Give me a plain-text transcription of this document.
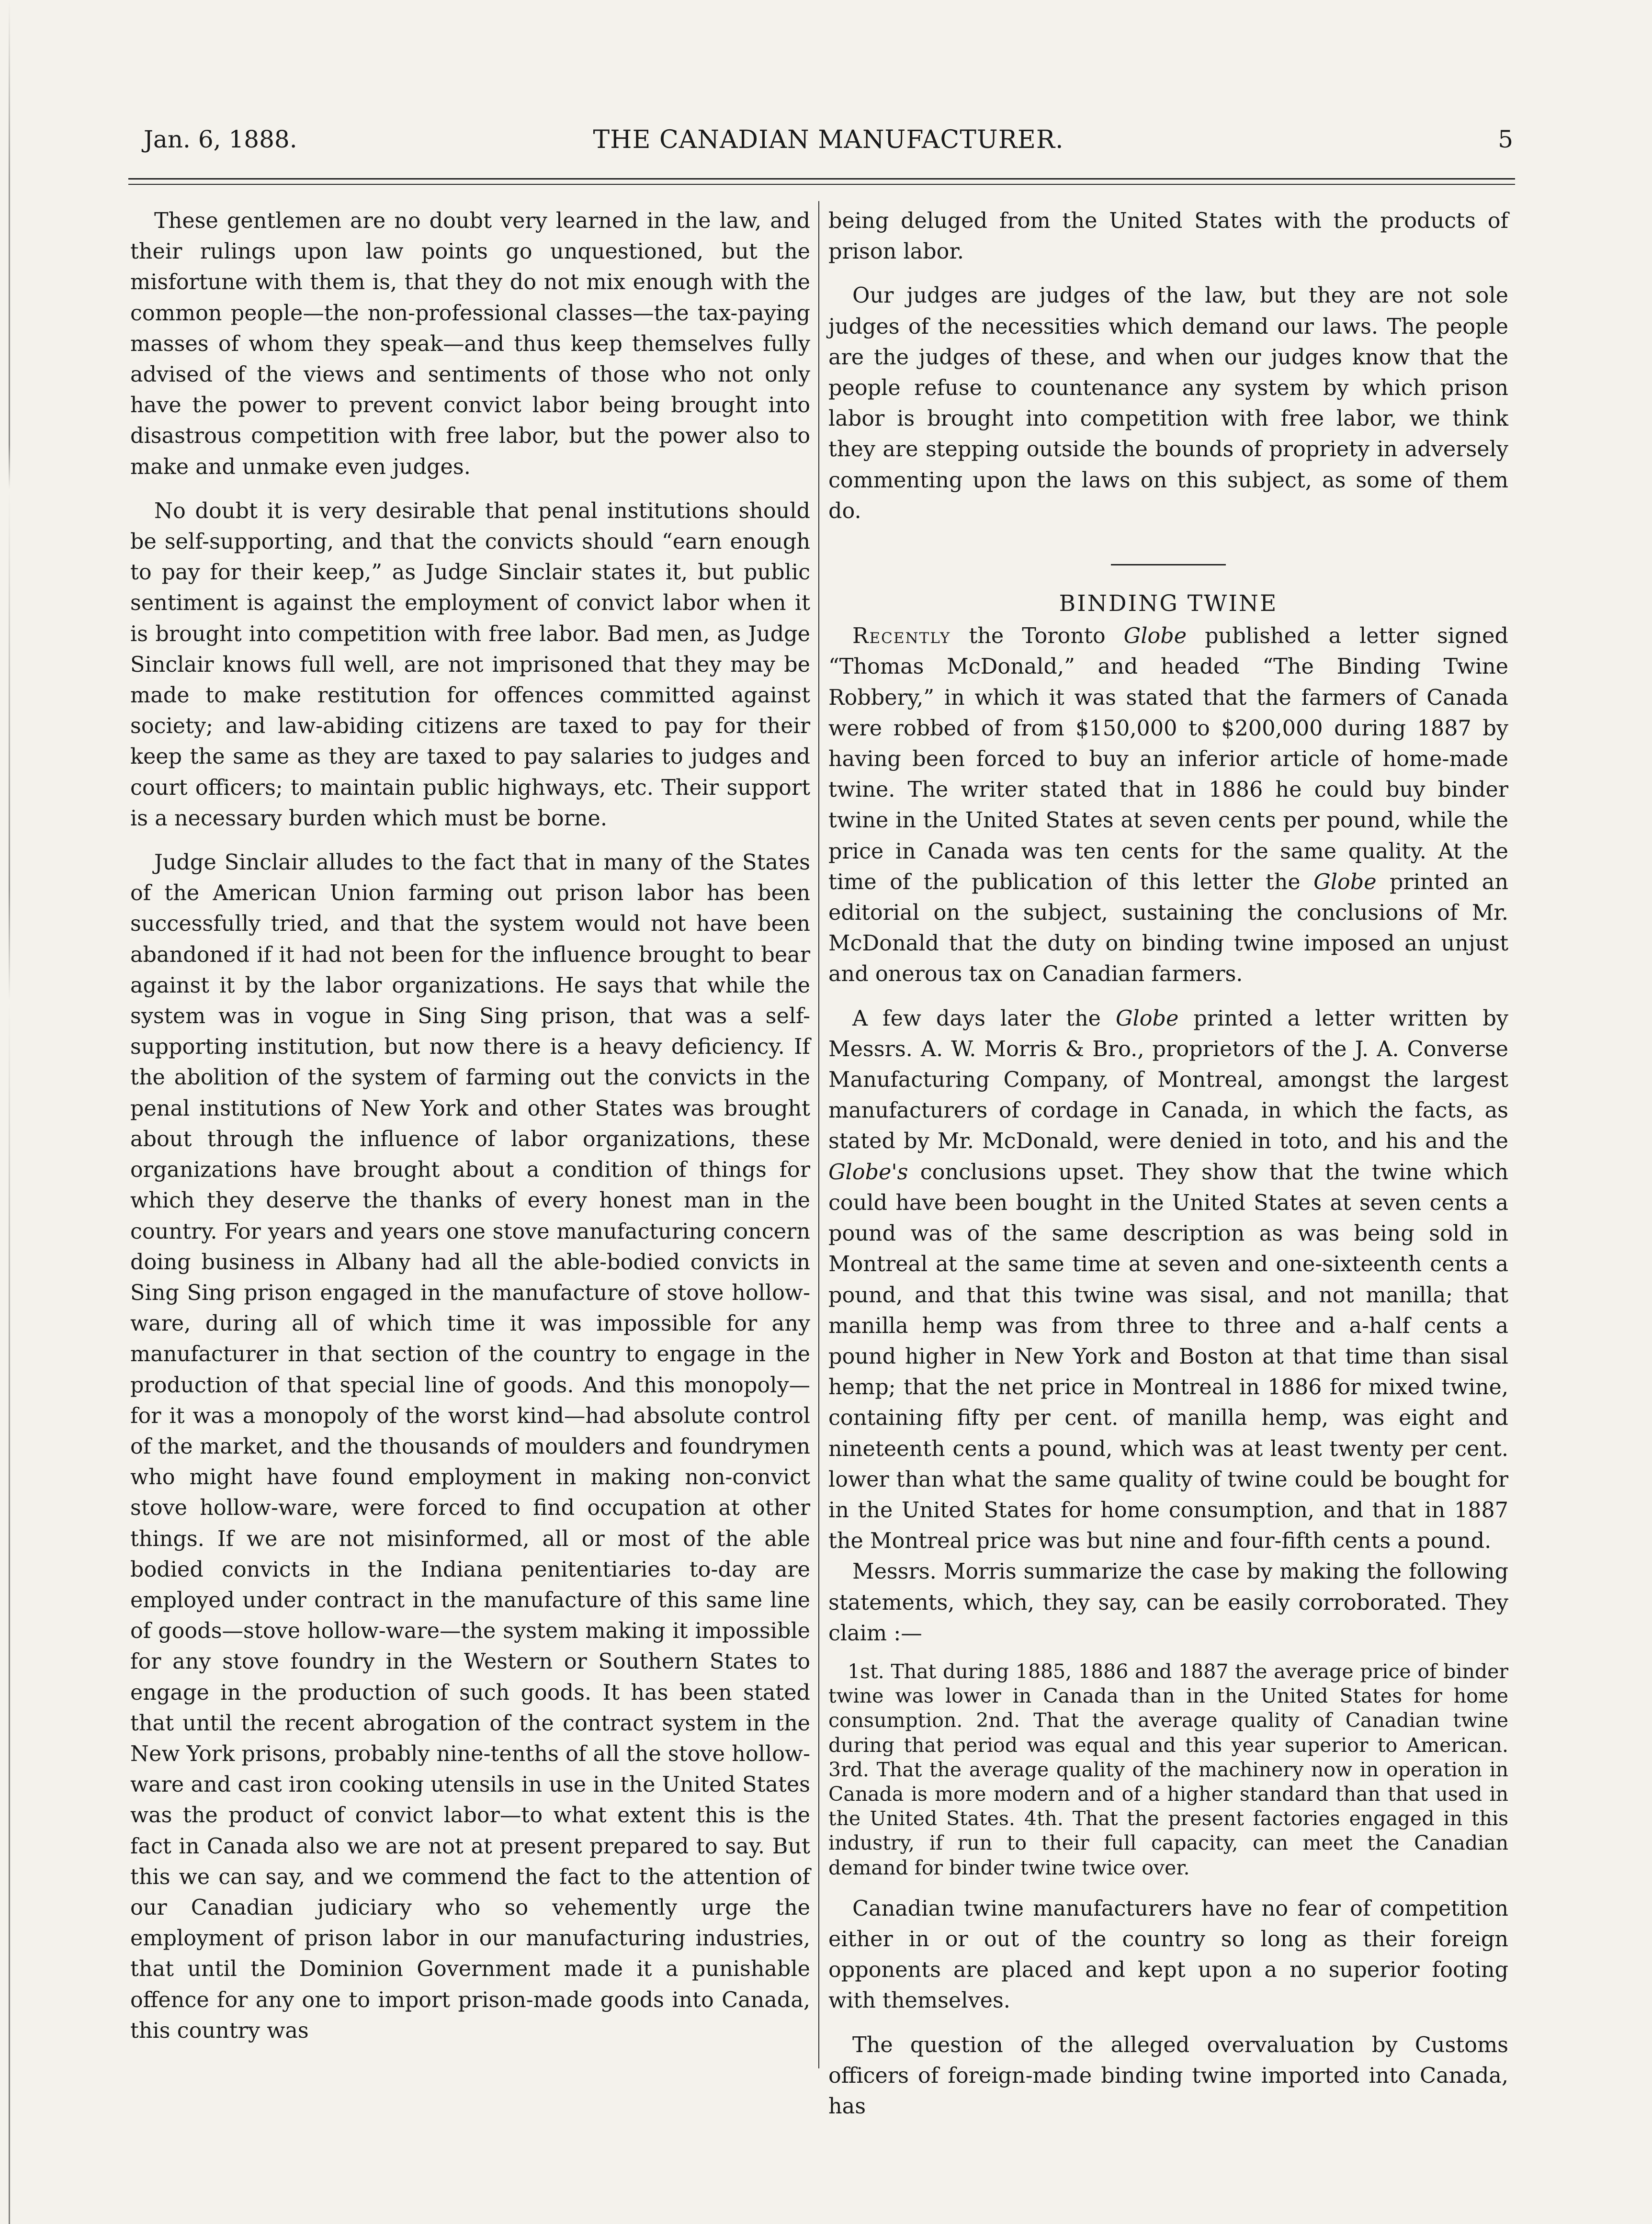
Jan. 6, 1888.	THE CANADIAN MANUFACTURER.	5

These gentlemen are no doubt very learned in the law, and their rulings upon law points go unquestioned, but the misfortune with them is, that they do not mix enough with the common people—the non-professional classes—the tax-paying masses of whom they speak—and thus keep themselves fully advised of the views and sentiments of those who not only have the power to prevent convict labor being brought into disastrous competition with free labor, but the power also to make and unmake even judges.

No doubt it is very desirable that penal institutions should be self-supporting, and that the convicts should “earn enough to pay for their keep,” as Judge Sinclair states it, but public sentiment is against the employment of convict labor when it is brought into competition with free labor. Bad men, as Judge Sinclair knows full well, are not imprisoned that they may be made to make restitution for offences committed against society; and law-abiding citizens are taxed to pay for their keep the same as they are taxed to pay salaries to judges and court officers; to maintain public highways, etc. Their support is a necessary burden which must be borne.

Judge Sinclair alludes to the fact that in many of the States of the American Union farming out prison labor has been successfully tried, and that the system would not have been abandoned if it had not been for the influence brought to bear against it by the labor organizations. He says that while the system was in vogue in Sing Sing prison, that was a self-supporting institution, but now there is a heavy deficiency. If the abolition of the system of farming out the convicts in the penal institutions of New York and other States was brought about through the influence of labor organizations, these organizations have brought about a condition of things for which they deserve the thanks of every honest man in the country. For years and years one stove manufacturing concern doing business in Albany had all the able-bodied convicts in Sing Sing prison engaged in the manufacture of stove hollow-ware, during all of which time it was impossible for any manufacturer in that section of the country to engage in the production of that special line of goods. And this monopoly—for it was a monopoly of the worst kind—had absolute control of the market, and the thousands of moulders and foundrymen who might have found employment in making non-convict stove hollow-ware, were forced to find occupation at other things. If we are not misinformed, all or most of the able bodied convicts in the Indiana penitentiaries to-day are employed under contract in the manufacture of this same line of goods—stove hollow-ware—the system making it impossible for any stove foundry in the Western or Southern States to engage in the production of such goods. It has been stated that until the recent abrogation of the contract system in the New York prisons, probably nine-tenths of all the stove hollow-ware and cast iron cooking utensils in use in the United States was the product of convict labor—to what extent this is the fact in Canada also we are not at present prepared to say. But this we can say, and we commend the fact to the attention of our Canadian judiciary who so vehemently urge the employment of prison labor in our manufacturing industries, that until the Dominion Government made it a punishable offence for any one to import prison-made goods into Canada, this country was

being deluged from the United States with the products of prison labor.

Our judges are judges of the law, but they are not sole judges of the necessities which demand our laws. The people are the judges of these, and when our judges know that the people refuse to countenance any system by which prison labor is brought into competition with free labor, we think they are stepping outside the bounds of propriety in adversely commenting upon the laws on this subject, as some of them do.

BINDING TWINE

Recently the Toronto Globe published a letter signed “Thomas McDonald,” and headed “The Binding Twine Robbery,” in which it was stated that the farmers of Canada were robbed of from $150,000 to $200,000 during 1887 by having been forced to buy an inferior article of home-made twine. The writer stated that in 1886 he could buy binder twine in the United States at seven cents per pound, while the price in Canada was ten cents for the same quality. At the time of the publication of this letter the Globe printed an editorial on the subject, sustaining the conclusions of Mr. McDonald that the duty on binding twine imposed an unjust and onerous tax on Canadian farmers.

A few days later the Globe printed a letter written by Messrs. A. W. Morris & Bro., proprietors of the J. A. Converse Manufacturing Company, of Montreal, amongst the largest manufacturers of cordage in Canada, in which the facts, as stated by Mr. McDonald, were denied in toto, and his and the Globe's conclusions upset. They show that the twine which could have been bought in the United States at seven cents a pound was of the same description as was being sold in Montreal at the same time at seven and one-sixteenth cents a pound, and that this twine was sisal, and not manilla; that manilla hemp was from three to three and a-half cents a pound higher in New York and Boston at that time than sisal hemp; that the net price in Montreal in 1886 for mixed twine, containing fifty per cent. of manilla hemp, was eight and nineteenth cents a pound, which was at least twenty per cent. lower than what the same quality of twine could be bought for in the United States for home consumption, and that in 1887 the Montreal price was but nine and four-fifth cents a pound.

Messrs. Morris summarize the case by making the following statements, which, they say, can be easily corroborated. They claim :—

1st. That during 1885, 1886 and 1887 the average price of binder twine was lower in Canada than in the United States for home consumption. 2nd. That the average quality of Canadian twine during that period was equal and this year superior to American. 3rd. That the average quality of the machinery now in operation in Canada is more modern and of a higher standard than that used in the United States. 4th. That the present factories engaged in this industry, if run to their full capacity, can meet the Canadian demand for binder twine twice over.

Canadian twine manufacturers have no fear of competition either in or out of the country so long as their foreign opponents are placed and kept upon a no superior footing with themselves.

The question of the alleged overvaluation by Customs officers of foreign-made binding twine imported into Canada, has
